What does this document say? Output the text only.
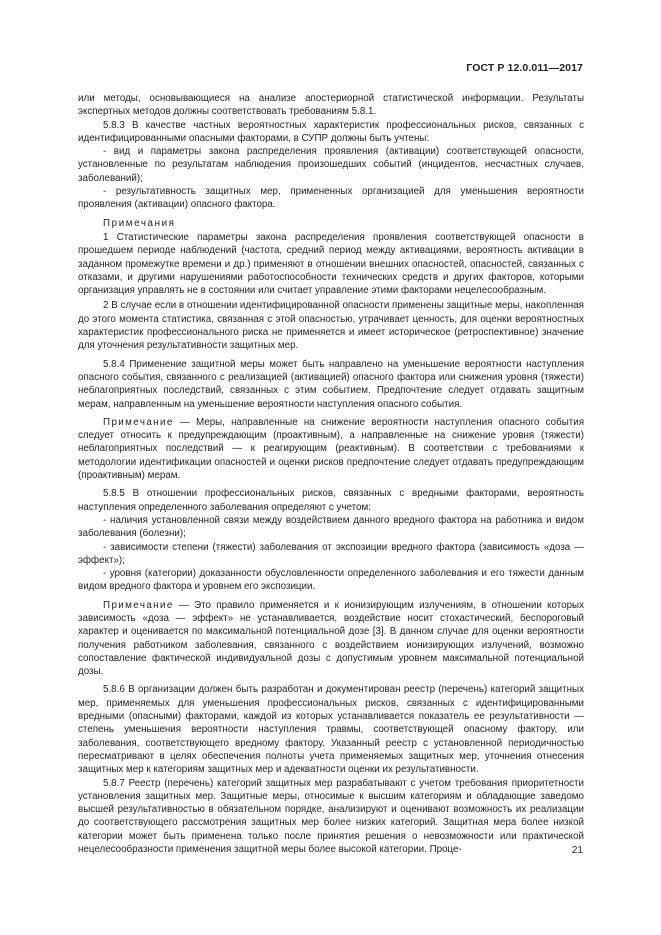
ГОСТ Р 12.0.011—2017

или методы, основывающиеся на анализе апостериорной статистической информации. Результаты экспертных методов должны соответствовать требованиям 5.8.1.

5.8.3 В качестве частных вероятностных характеристик профессиональных рисков, связанных с идентифицированными опасными факторами, в СУПР должны быть учтены:

- вид и параметры закона распределения проявления (активации) соответствующей опасности, установленные по результатам наблюдения произошедших событий (инцидентов, несчастных случаев, заболеваний);

- результативность защитных мер, примененных организацией для уменьшения вероятности проявления (активации) опасного фактора.

Примечания

1 Статистические параметры закона распределения проявления соответствующей опасности в прошедшем периоде наблюдений (частота, средний период между активациями, вероятность активации в заданном промежутке времени и др.) применяют в отношении внешних опасностей, опасностей, связанных с отказами, и другими нарушениями работоспособности технических средств и других факторов, которыми организация управлять не в состоянии или считает управление этими факторами нецелесообразным.

2 В случае если в отношении идентифицированной опасности применены защитные меры, накопленная до этого момента статистика, связанная с этой опасностью, утрачивает ценность, для оценки вероятностных характеристик профессионального риска не применяется и имеет историческое (ретроспективное) значение для уточнения результативности защитных мер.

5.8.4 Применение защитной меры может быть направлено на уменьшение вероятности наступления опасного события, связанного с реализацией (активацией) опасного фактора или снижения уровня (тяжести) неблагоприятных последствий, связанных с этим событием. Предпочтение следует отдавать защитным мерам, направленным на уменьшение вероятности наступления опасного события.

Примечание — Меры, направленные на снижение вероятности наступления опасного события следует относить к предупреждающим (проактивным), а направленные на снижение уровня (тяжести) неблагоприятных последствий — к реагирующим (реактивным). В соответствии с требованиями к методологии идентификации опасностей и оценки рисков предпочтение следует отдавать предупреждающим (проактивным) мерам.

5.8.5 В отношении профессиональных рисков, связанных с вредными факторами, вероятность наступления определенного заболевания определяют с учетом:

- наличия установленной связи между воздействием данного вредного фактора на работника и видом заболевания (болезни);

- зависимости степени (тяжести) заболевания от экспозиции вредного фактора (зависимость «доза — эффект»);

- уровня (категории) доказанности обусловленности определенного заболевания и его тяжести данным видом вредного фактора и уровнем его экспозиции.

Примечание — Это правило применяется и к ионизирующим излучениям, в отношении которых зависимость «доза — эффект» не устанавливается, воздействие носит стохастический, беспороговый характер и оценивается по максимальной потенциальной дозе [3]. В данном случае для оценки вероятности получения работником заболевания, связанного с воздействием ионизирующих излучений, возможно сопоставление фактической индивидуальной дозы с допустимым уровнем максимальной потенциальной дозы.

5.8.6 В организации должен быть разработан и документирован реестр (перечень) категорий защитных мер, применяемых для уменьшения профессиональных рисков, связанных с идентифицированными вредными (опасными) факторами, каждой из которых устанавливается показатель ее результативности — степень уменьшения вероятности наступления травмы, соответствующей опасному фактору, или заболевания, соответствующего вредному фактору. Указанный реестр с установленной периодичностью пересматривают в целях обеспечения полноты учета применяемых защитных мер, уточнения отнесения защитных мер к категориям защитных мер и адекватности оценки их результативности.

5.8.7 Реестр (перечень) категорий защитных мер разрабатывают с учетом требования приоритетности установления защитных мер. Защитные меры, относимые к высшим категориям и обладающие заведомо высшей результативностью в обязательном порядке, анализируют и оценивают возможность их реализации до соответствующего рассмотрения защитных мер более низких категорий. Защитная мера более низкой категории может быть применена только после принятия решения о невозможности или практической нецелесообразности применения защитной меры более высокой категории. Проце-	21
